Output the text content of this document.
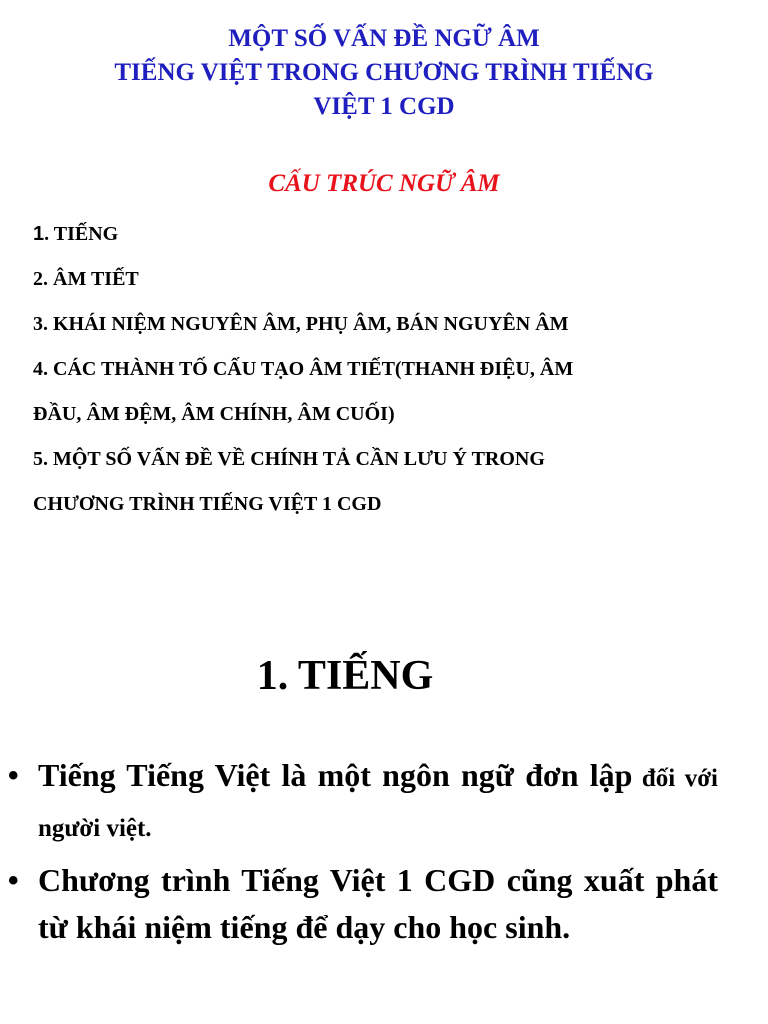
MỘT SỐ VẤN ĐỀ NGỮ ÂM
TIẾNG VIỆT TRONG CHƯƠNG TRÌNH TIẾNG
VIỆT 1 CGD
CẤU TRÚC NGỮ ÂM
1. TIẾNG
2. ÂM TIẾT
3. KHÁI NIỆM NGUYÊN ÂM, PHỤ ÂM, BÁN NGUYÊN ÂM
4. CÁC THÀNH TỐ CẤU TẠO ÂM TIẾT(THANH ĐIỆU, ÂM
ĐẦU, ÂM ĐỆM, ÂM CHÍNH, ÂM CUỐI)
5. MỘT SỐ VẤN ĐỀ VỀ CHÍNH TẢ CẦN LƯU Ý TRONG
CHƯƠNG TRÌNH TIẾNG VIỆT 1 CGD
1. TIẾNG
• Tiếng Tiếng Việt là một ngôn ngữ đơn lập đối với người việt.
• Chương trình Tiếng Việt 1 CGD cũng xuất phát từ khái niệm tiếng để dạy cho học sinh.
